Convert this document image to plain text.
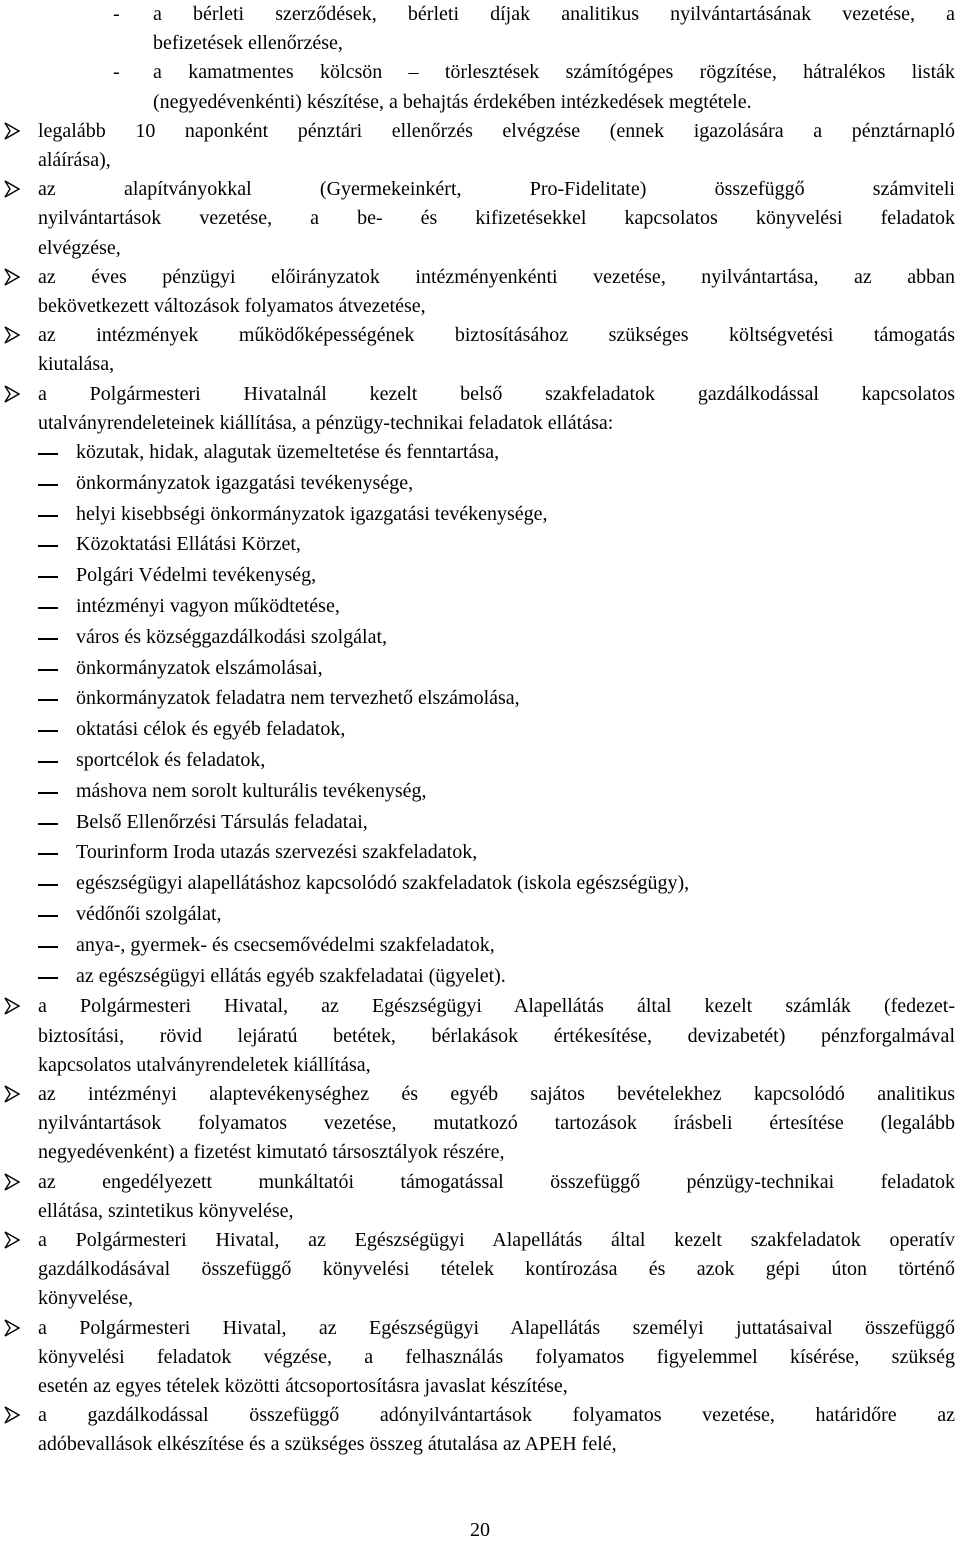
- a bérleti szerződések, bérleti díjak analitikus nyilvántartásának vezetése, a
befizetések ellenőrzése,
- a kamatmentes kölcsön – törlesztések számítógépes rögzítése, hátralékos listák
(negyedévenkénti) készítése, a behajtás érdekében intézkedések megtétele.
legalább 10 naponként pénztári ellenőrzés elvégzése (ennek igazolására a pénztárnapló
aláírása),
az alapítványokkal (Gyermekeinkért, Pro-Fidelitate) összefüggő számviteli
nyilvántartások vezetése, a be- és kifizetésekkel kapcsolatos könyvelési feladatok
elvégzése,
az éves pénzügyi előirányzatok intézményenkénti vezetése, nyilvántartása, az abban
bekövetkezett változások folyamatos átvezetése,
az intézmények működőképességének biztosításához szükséges költségvetési támogatás
kiutalása,
a Polgármesteri Hivatalnál kezelt belső szakfeladatok gazdálkodással kapcsolatos
utalványrendeleteinek kiállítása, a pénzügy-technikai feladatok ellátása:
közutak, hidak, alagutak üzemeltetése és fenntartása,
önkormányzatok igazgatási tevékenysége,
helyi kisebbségi önkormányzatok igazgatási tevékenysége,
Közoktatási Ellátási Körzet,
Polgári Védelmi tevékenység,
intézményi vagyon működtetése,
város és községgazdálkodási szolgálat,
önkormányzatok elszámolásai,
önkormányzatok feladatra nem tervezhető elszámolása,
oktatási célok és egyéb feladatok,
sportcélok és feladatok,
máshova nem sorolt kulturális tevékenység,
Belső Ellenőrzési Társulás feladatai,
Tourinform Iroda utazás szervezési szakfeladatok,
egészségügyi alapellátáshoz kapcsolódó szakfeladatok (iskola egészségügy),
védőnői szolgálat,
anya-, gyermek- és csecsemővédelmi szakfeladatok,
az egészségügyi ellátás egyéb szakfeladatai (ügyelet).
a Polgármesteri Hivatal, az Egészségügyi Alapellátás által kezelt számlák (fedezet-
biztosítási, rövid lejáratú betétek, bérlakások értékesítése, devizabetét) pénzforgalmával
kapcsolatos utalványrendeletek kiállítása,
az intézményi alaptevékenységhez és egyéb sajátos bevételekhez kapcsolódó analitikus
nyilvántartások folyamatos vezetése, mutatkozó tartozások írásbeli értesítése (legalább
negyedévenként) a fizetést kimutató társosztályok részére,
az engedélyezett munkáltatói támogatással összefüggő pénzügy-technikai feladatok
ellátása, szintetikus könyvelése,
a Polgármesteri Hivatal, az Egészségügyi Alapellátás által kezelt szakfeladatok operatív
gazdálkodásával összefüggő könyvelési tételek kontírozása és azok gépi úton történő
könyvelése,
a Polgármesteri Hivatal, az Egészségügyi Alapellátás személyi juttatásaival összefüggő
könyvelési feladatok végzése, a felhasználás folyamatos figyelemmel kísérése, szükség
esetén az egyes tételek közötti átcsoportosításra javaslat készítése,
a gazdálkodással összefüggő adónyilvántartások folyamatos vezetése, határidőre az
adóbevallások elkészítése és a szükséges összeg átutalása az APEH felé,
20
